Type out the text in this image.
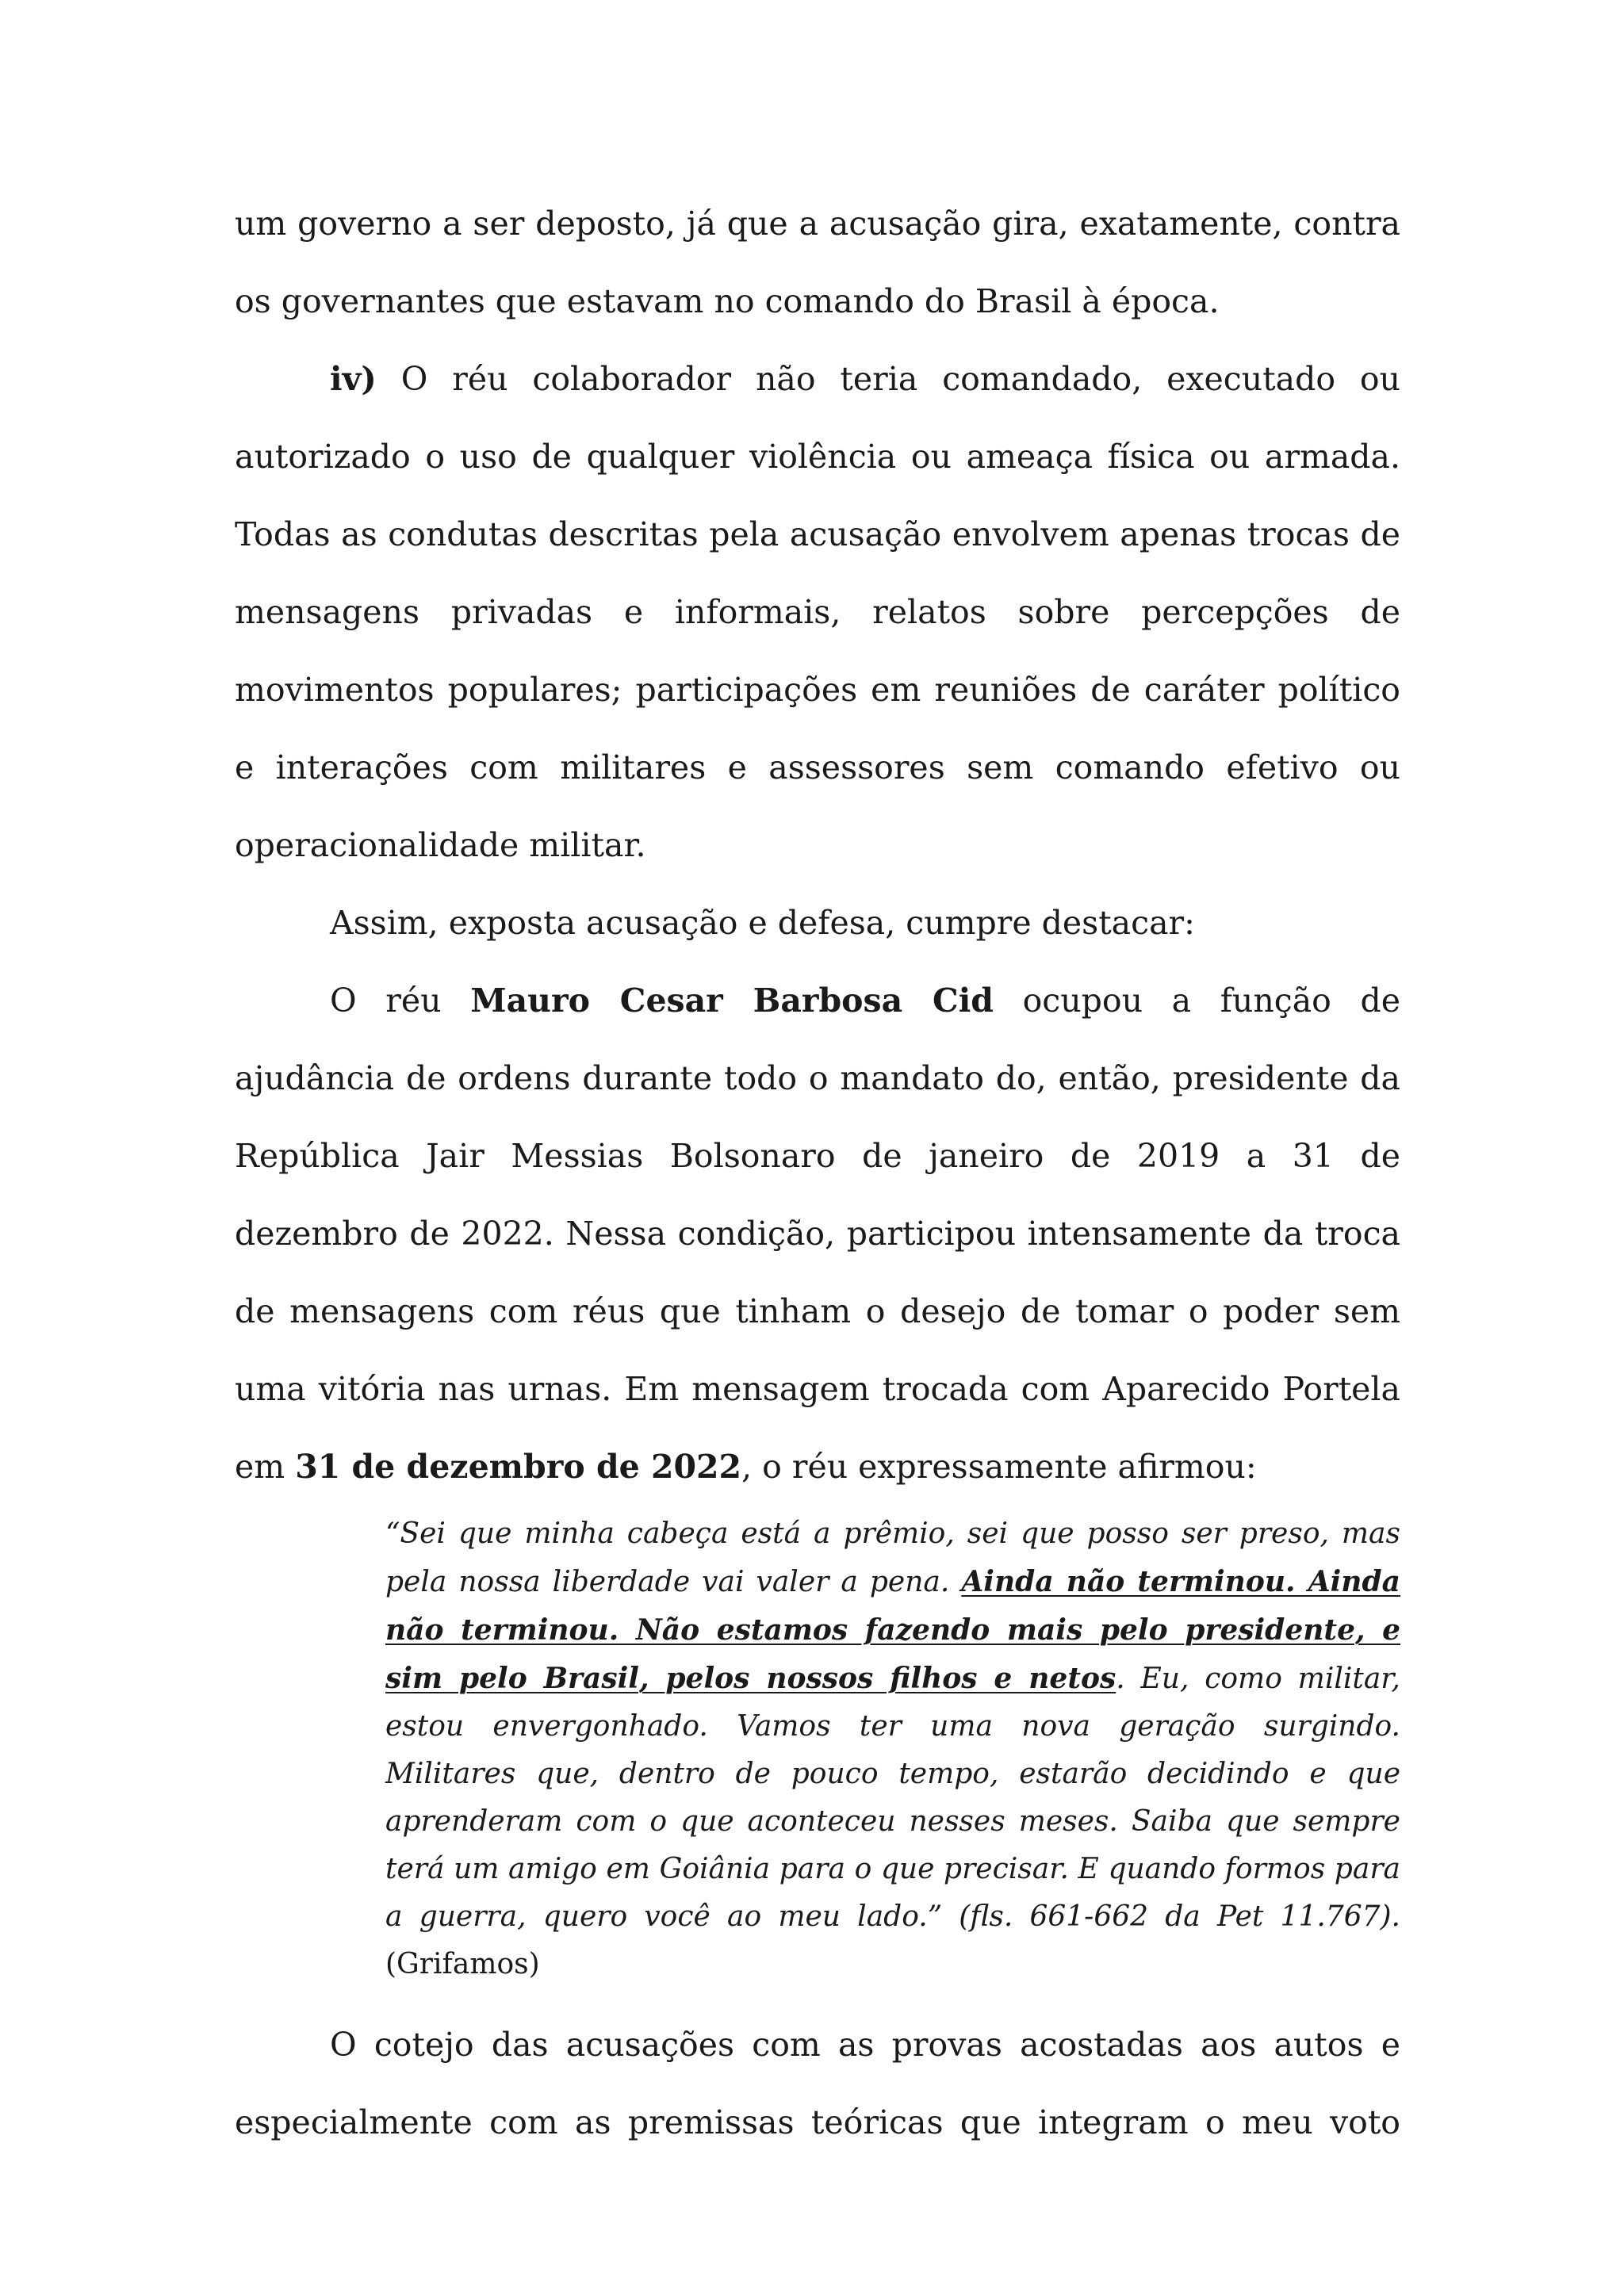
um governo a ser deposto, já que a acusação gira, exatamente, contra os governantes que estavam no comando do Brasil à época.

iv) O réu colaborador não teria comandado, executado ou autorizado o uso de qualquer violência ou ameaça física ou armada. Todas as condutas descritas pela acusação envolvem apenas trocas de mensagens privadas e informais, relatos sobre percepções de movimentos populares; participações em reuniões de caráter político e interações com militares e assessores sem comando efetivo ou operacionalidade militar.

Assim, exposta acusação e defesa, cumpre destacar:

O réu Mauro Cesar Barbosa Cid ocupou a função de ajudância de ordens durante todo o mandato do, então, presidente da República Jair Messias Bolsonaro de janeiro de 2019 a 31 de dezembro de 2022. Nessa condição, participou intensamente da troca de mensagens com réus que tinham o desejo de tomar o poder sem uma vitória nas urnas. Em mensagem trocada com Aparecido Portela em 31 de dezembro de 2022, o réu expressamente afirmou:

“Sei que minha cabeça está a prêmio, sei que posso ser preso, mas pela nossa liberdade vai valer a pena. Ainda não terminou. Ainda não terminou. Não estamos fazendo mais pelo presidente, e sim pelo Brasil, pelos nossos filhos e netos. Eu, como militar, estou envergonhado. Vamos ter uma nova geração surgindo. Militares que, dentro de pouco tempo, estarão decidindo e que aprenderam com o que aconteceu nesses meses. Saiba que sempre terá um amigo em Goiânia para o que precisar. E quando formos para a guerra, quero você ao meu lado.” (fls. 661-662 da Pet 11.767). (Grifamos)

O cotejo das acusações com as provas acostadas aos autos e especialmente com as premissas teóricas que integram o meu voto
